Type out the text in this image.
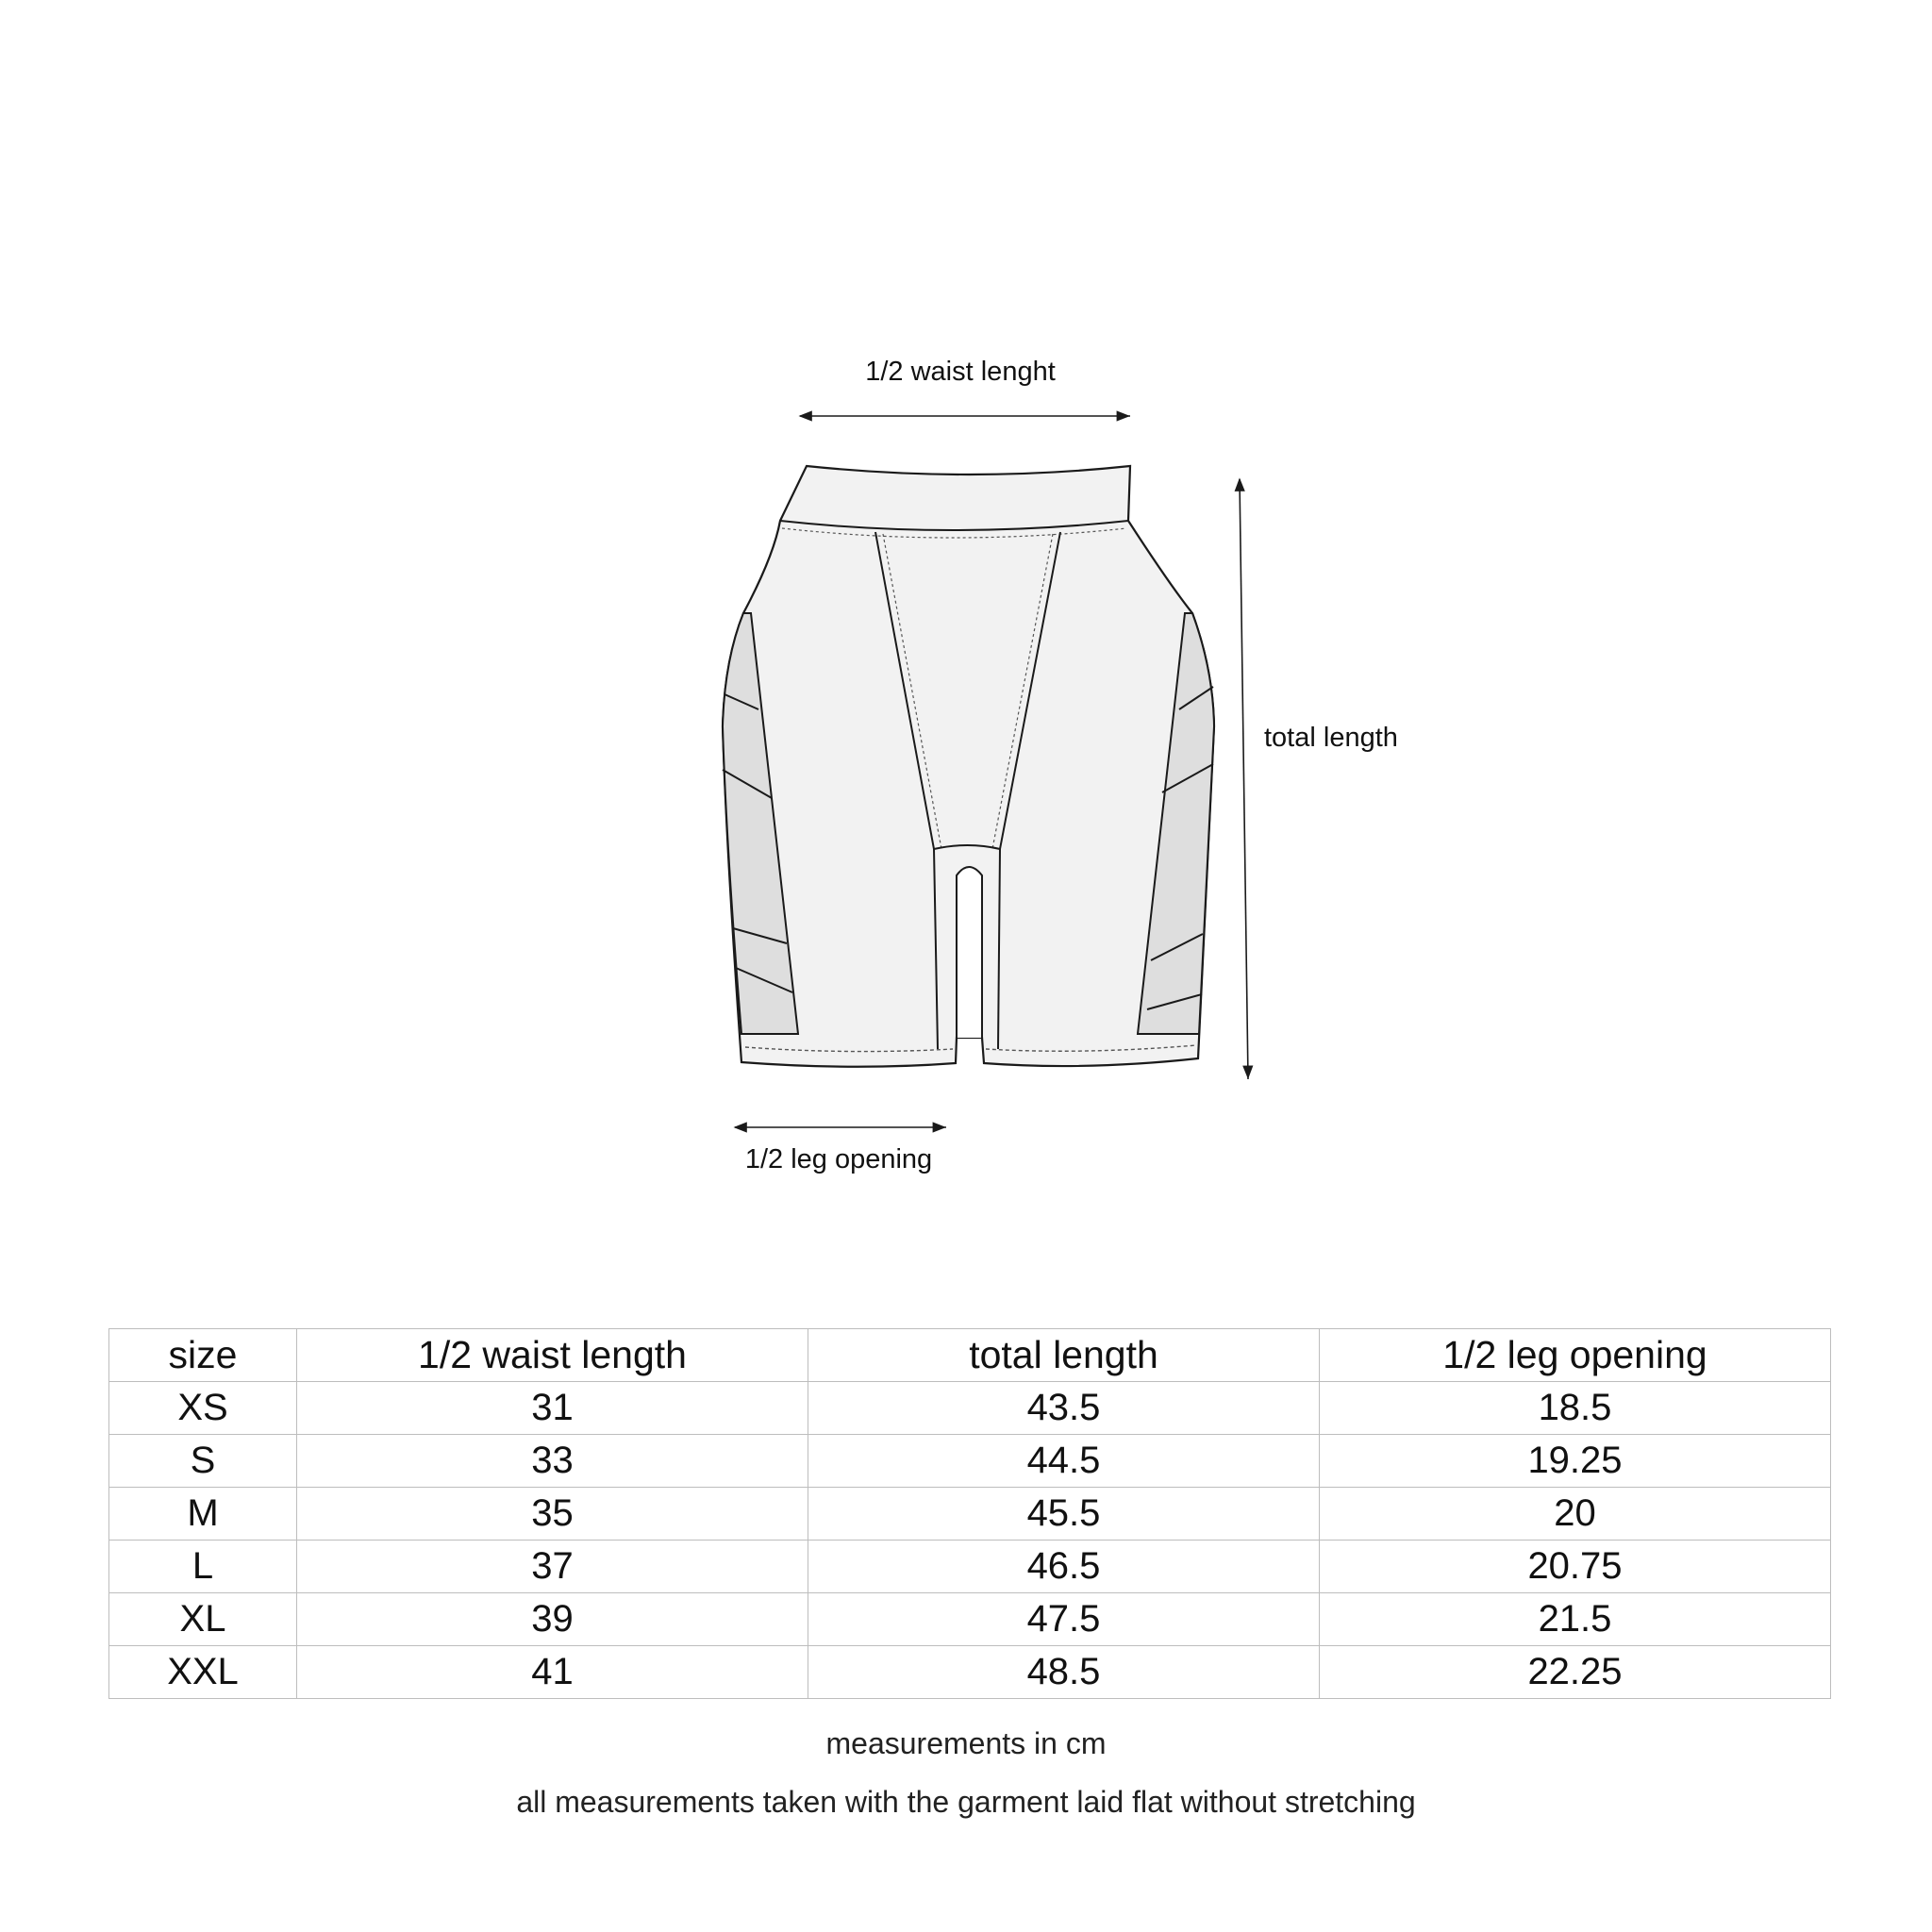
1/2 waist lenght
total length
1/2 leg opening
size	1/2 waist length	total length	1/2 leg opening
XS	31	43.5	18.5
S	33	44.5	19.25
M	35	45.5	20
L	37	46.5	20.75
XL	39	47.5	21.5
XXL	41	48.5	22.25
measurements in cm
all measurements taken with the garment laid flat without stretching
